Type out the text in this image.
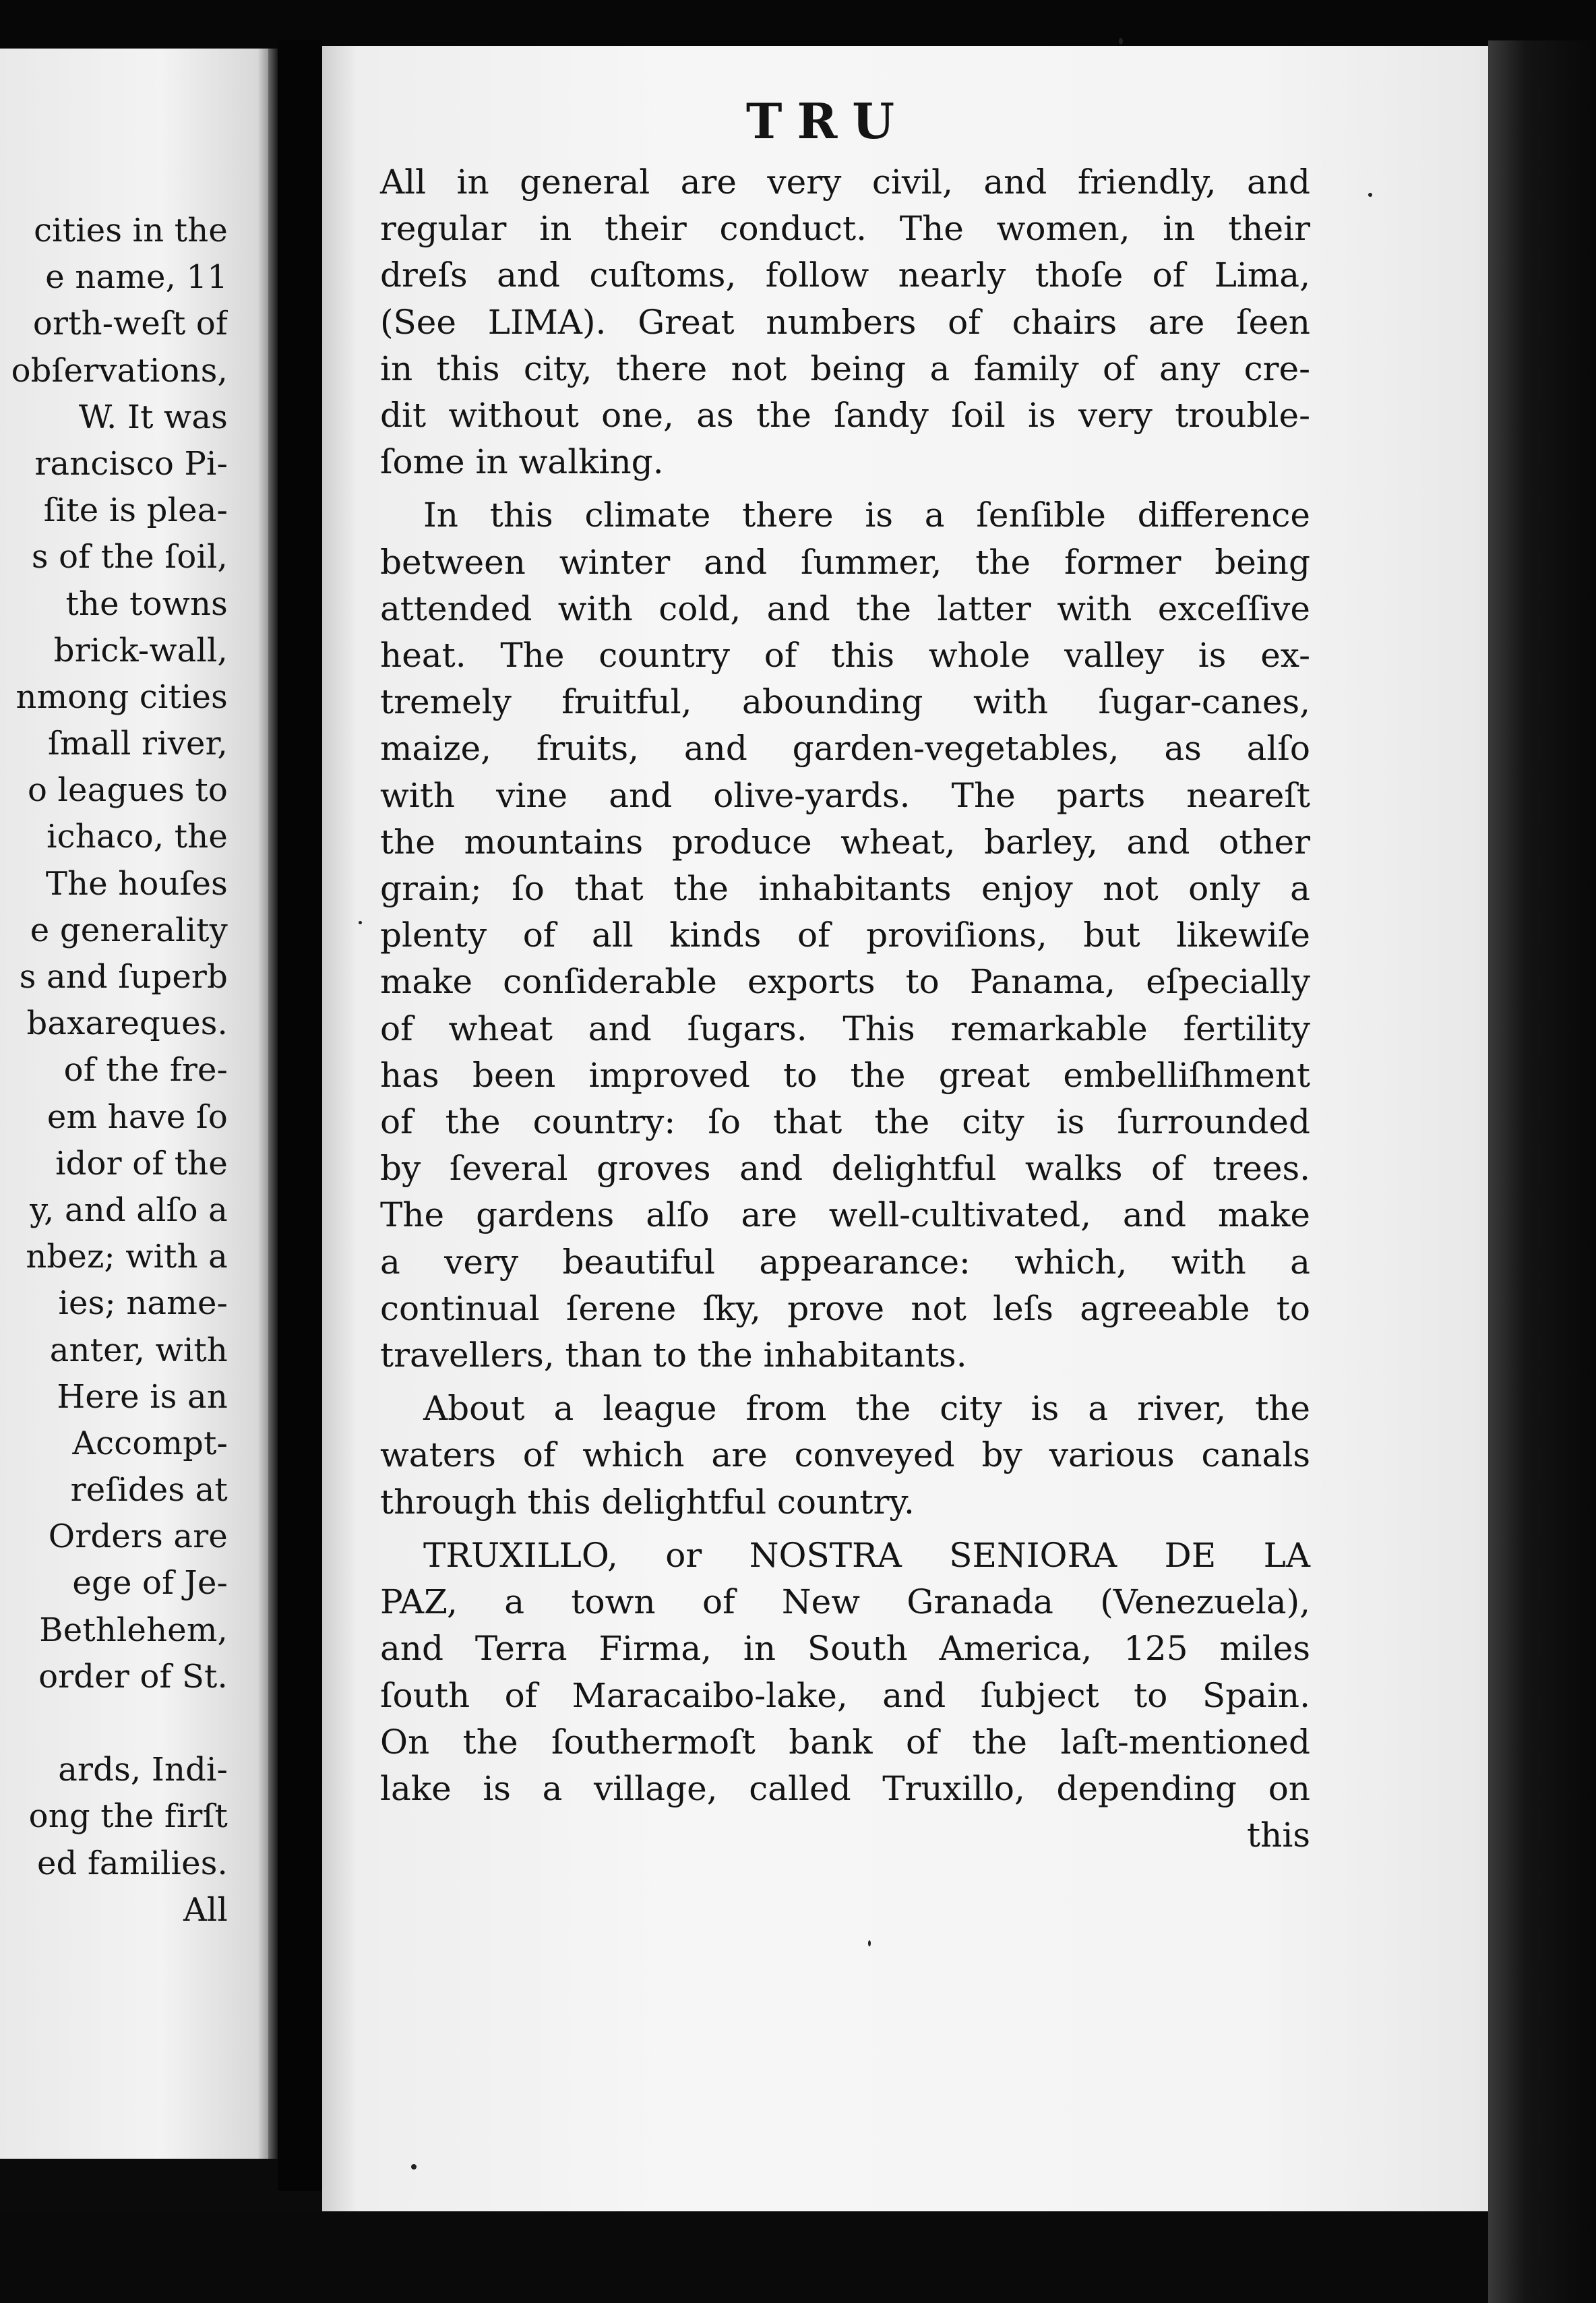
cities in the
e name, 11
orth-weſt of
obſervations,
W. It was
rancisco Pi-
ſite is plea-
s of the ſoil,
the towns
brick-wall,
nmong cities
ſmall river,
o leagues to
ichaco, the
The houſes
e generality
s and ſuperb
baxareques.
of the fre-
em have ſo
idor of the
y, and alſo a
nbez; with a
ies; name-
anter, with
Here is an
Accompt-
reſides at
Orders are
ege of Je-
Bethlehem,
order of St.
ards, Indi-
ong the firſt
ed families.
All
TRU
All in general are very civil, and friendly, and
regular in their conduct. The women, in their
dreſs and cuſtoms, follow nearly thoſe of Lima,
(See LIMA). Great numbers of chairs are ſeen
in this city, there not being a family of any cre-
dit without one, as the ſandy ſoil is very trouble-
ſome in walking.
In this climate there is a ſenſible difference
between winter and ſummer, the former being
attended with cold, and the latter with exceſſive
heat. The country of this whole valley is ex-
tremely fruitful, abounding with ſugar-canes,
maize, fruits, and garden-vegetables, as alſo
with vine and olive-yards. The parts neareſt
the mountains produce wheat, barley, and other
grain; ſo that the inhabitants enjoy not only a
plenty of all kinds of proviſions, but likewiſe
make conſiderable exports to Panama, eſpecially
of wheat and ſugars. This remarkable fertility
has been improved to the great embelliſhment
of the country: ſo that the city is ſurrounded
by ſeveral groves and delightful walks of trees.
The gardens alſo are well-cultivated, and make
a very beautiful appearance: which, with a
continual ſerene ſky, prove not leſs agreeable to
travellers, than to the inhabitants.
About a league from the city is a river, the
waters of which are conveyed by various canals
through this delightful country.
TRUXILLO, or NOSTRA SENIORA DE LA
PAZ, a town of New Granada (Venezuela),
and Terra Firma, in South America, 125 miles
ſouth of Maracaibo-lake, and ſubject to Spain.
On the ſouthermoſt bank of the laſt-mentioned
lake is a village, called Truxillo, depending on
this
